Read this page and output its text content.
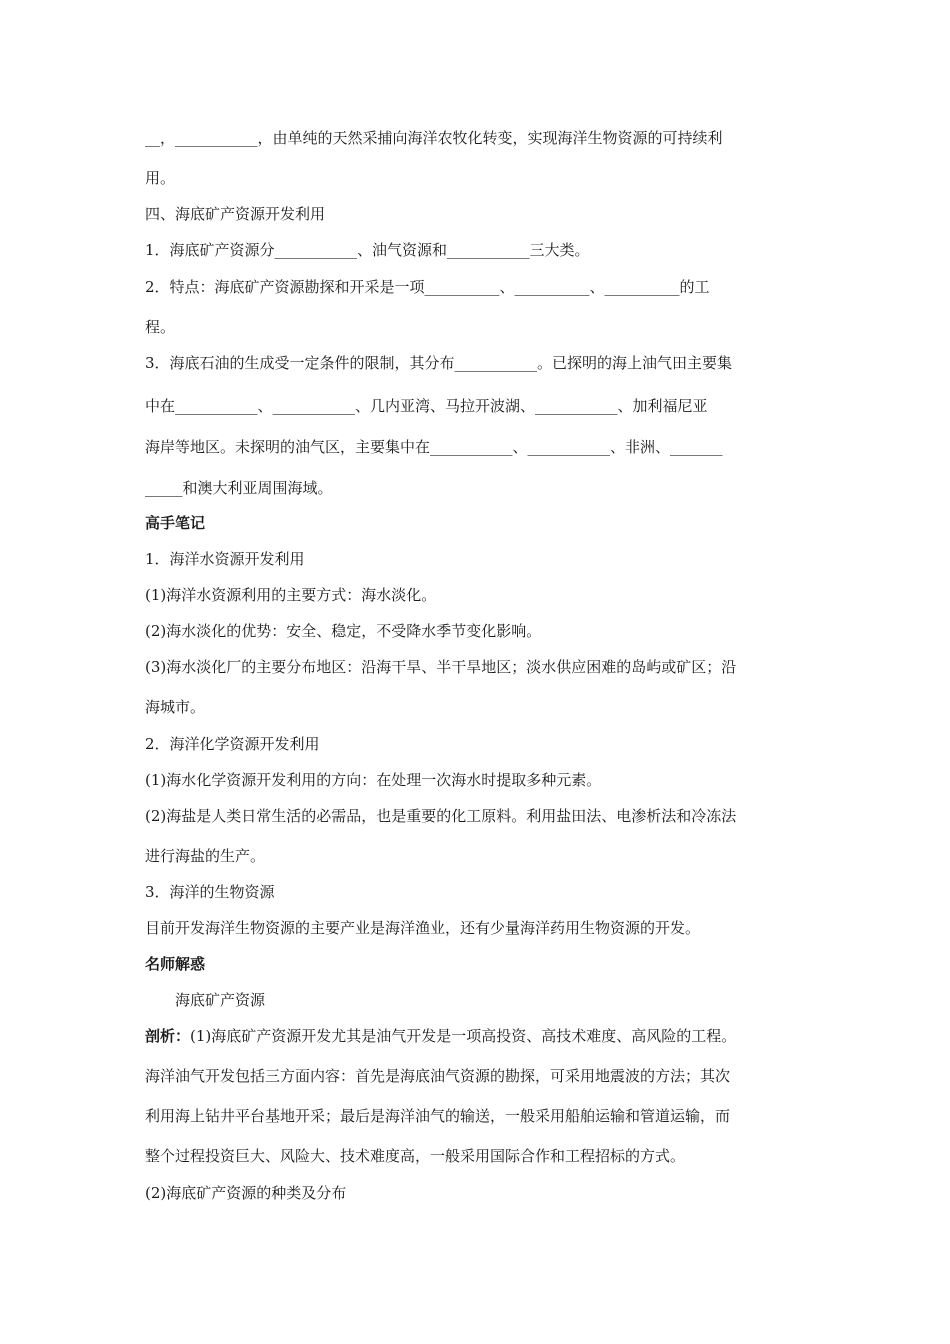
__，___________，由单纯的天然采捕向海洋农牧化转变，实现海洋生物资源的可持续利
用。
四、海底矿产资源开发利用
1．海底矿产资源分___________、油气资源和___________三大类。
2．特点：海底矿产资源勘探和开采是一项__________、__________、__________的工
程。
3．海底石油的生成受一定条件的限制，其分布___________。已探明的海上油气田主要集
中在___________、___________、几内亚湾、马拉开波湖、___________、加利福尼亚
海岸等地区。未探明的油气区，主要集中在___________、___________、非洲、_______
_____和澳大利亚周围海域。
高手笔记
1．海洋水资源开发利用
(1)海洋水资源利用的主要方式：海水淡化。
(2)海水淡化的优势：安全、稳定，不受降水季节变化影响。
(3)海水淡化厂的主要分布地区：沿海干旱、半干旱地区；淡水供应困难的岛屿或矿区；沿
海城市。
2．海洋化学资源开发利用
(1)海水化学资源开发利用的方向：在处理一次海水时提取多种元素。
(2)海盐是人类日常生活的必需品，也是重要的化工原料。利用盐田法、电渗析法和冷冻法
进行海盐的生产。
3．海洋的生物资源
目前开发海洋生物资源的主要产业是海洋渔业，还有少量海洋药用生物资源的开发。
名师解惑
海底矿产资源
剖析：(1)海底矿产资源开发尤其是油气开发是一项高投资、高技术难度、高风险的工程。
海洋油气开发包括三方面内容：首先是海底油气资源的勘探，可采用地震波的方法；其次
利用海上钻井平台基地开采；最后是海洋油气的输送，一般采用船舶运输和管道运输，而
整个过程投资巨大、风险大、技术难度高，一般采用国际合作和工程招标的方式。
(2)海底矿产资源的种类及分布
